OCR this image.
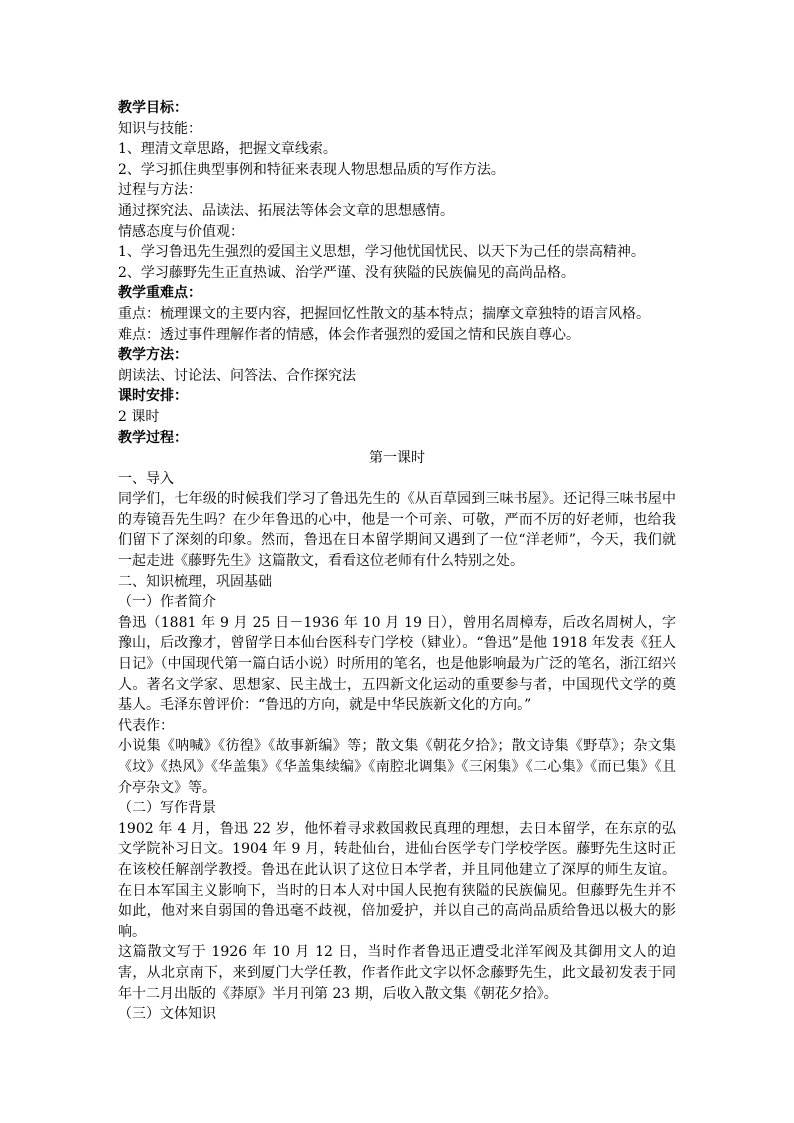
教学目标：

知识与技能：

1、理清文章思路，把握文章线索。

2、学习抓住典型事例和特征来表现人物思想品质的写作方法。

过程与方法：

通过探究法、品读法、拓展法等体会文章的思想感情。

情感态度与价值观：

1、学习鲁迅先生强烈的爱国主义思想，学习他忧国忧民、以天下为己任的崇高精神。

2、学习藤野先生正直热诚、治学严谨、没有狭隘的民族偏见的高尚品格。

教学重难点：

重点：梳理课文的主要内容，把握回忆性散文的基本特点；揣摩文章独特的语言风格。

难点：透过事件理解作者的情感，体会作者强烈的爱国之情和民族自尊心。

教学方法：

朗读法、讨论法、问答法、合作探究法

课时安排：

2 课时

教学过程：

第一课时

一、导入

同学们，七年级的时候我们学习了鲁迅先生的《从百草园到三味书屋》。还记得三味书屋中的寿镜吾先生吗？在少年鲁迅的心中，他是一个可亲、可敬，严而不厉的好老师，也给我们留下了深刻的印象。然而，鲁迅在日本留学期间又遇到了一位“洋老师”，今天，我们就一起走进《藤野先生》这篇散文，看看这位老师有什么特别之处。

二、知识梳理，巩固基础

（一）作者简介

鲁迅（1881 年 9 月 25 日－1936 年 10 月 19 日），曾用名周樟寿，后改名周树人，字豫山，后改豫才，曾留学日本仙台医科专门学校（肄业）。“鲁迅”是他 1918 年发表《狂人日记》（中国现代第一篇白话小说）时所用的笔名，也是他影响最为广泛的笔名，浙江绍兴人。著名文学家、思想家、民主战士，五四新文化运动的重要参与者，中国现代文学的奠基人。毛泽东曾评价：“鲁迅的方向，就是中华民族新文化的方向。”

代表作：

小说集《呐喊》《彷徨》《故事新编》等；散文集《朝花夕拾》；散文诗集《野草》；杂文集《坟》《热风》《华盖集》《华盖集续编》《南腔北调集》《三闲集》《二心集》《而已集》《且介亭杂文》等。

（二）写作背景

1902 年 4 月，鲁迅 22 岁，他怀着寻求救国救民真理的理想，去日本留学，在东京的弘文学院补习日文。1904 年 9 月，转赴仙台，进仙台医学专门学校学医。藤野先生这时正在该校任解剖学教授。鲁迅在此认识了这位日本学者，并且同他建立了深厚的师生友谊。在日本军国主义影响下，当时的日本人对中国人民抱有狭隘的民族偏见。但藤野先生并不如此，他对来自弱国的鲁迅毫不歧视，倍加爱护，并以自己的高尚品质给鲁迅以极大的影响。

这篇散文写于 1926 年 10 月 12 日，当时作者鲁迅正遭受北洋军阀及其御用文人的迫害，从北京南下，来到厦门大学任教，作者作此文字以怀念藤野先生，此文最初发表于同年十二月出版的《莽原》半月刊第 23 期，后收入散文集《朝花夕拾》。

（三）文体知识
